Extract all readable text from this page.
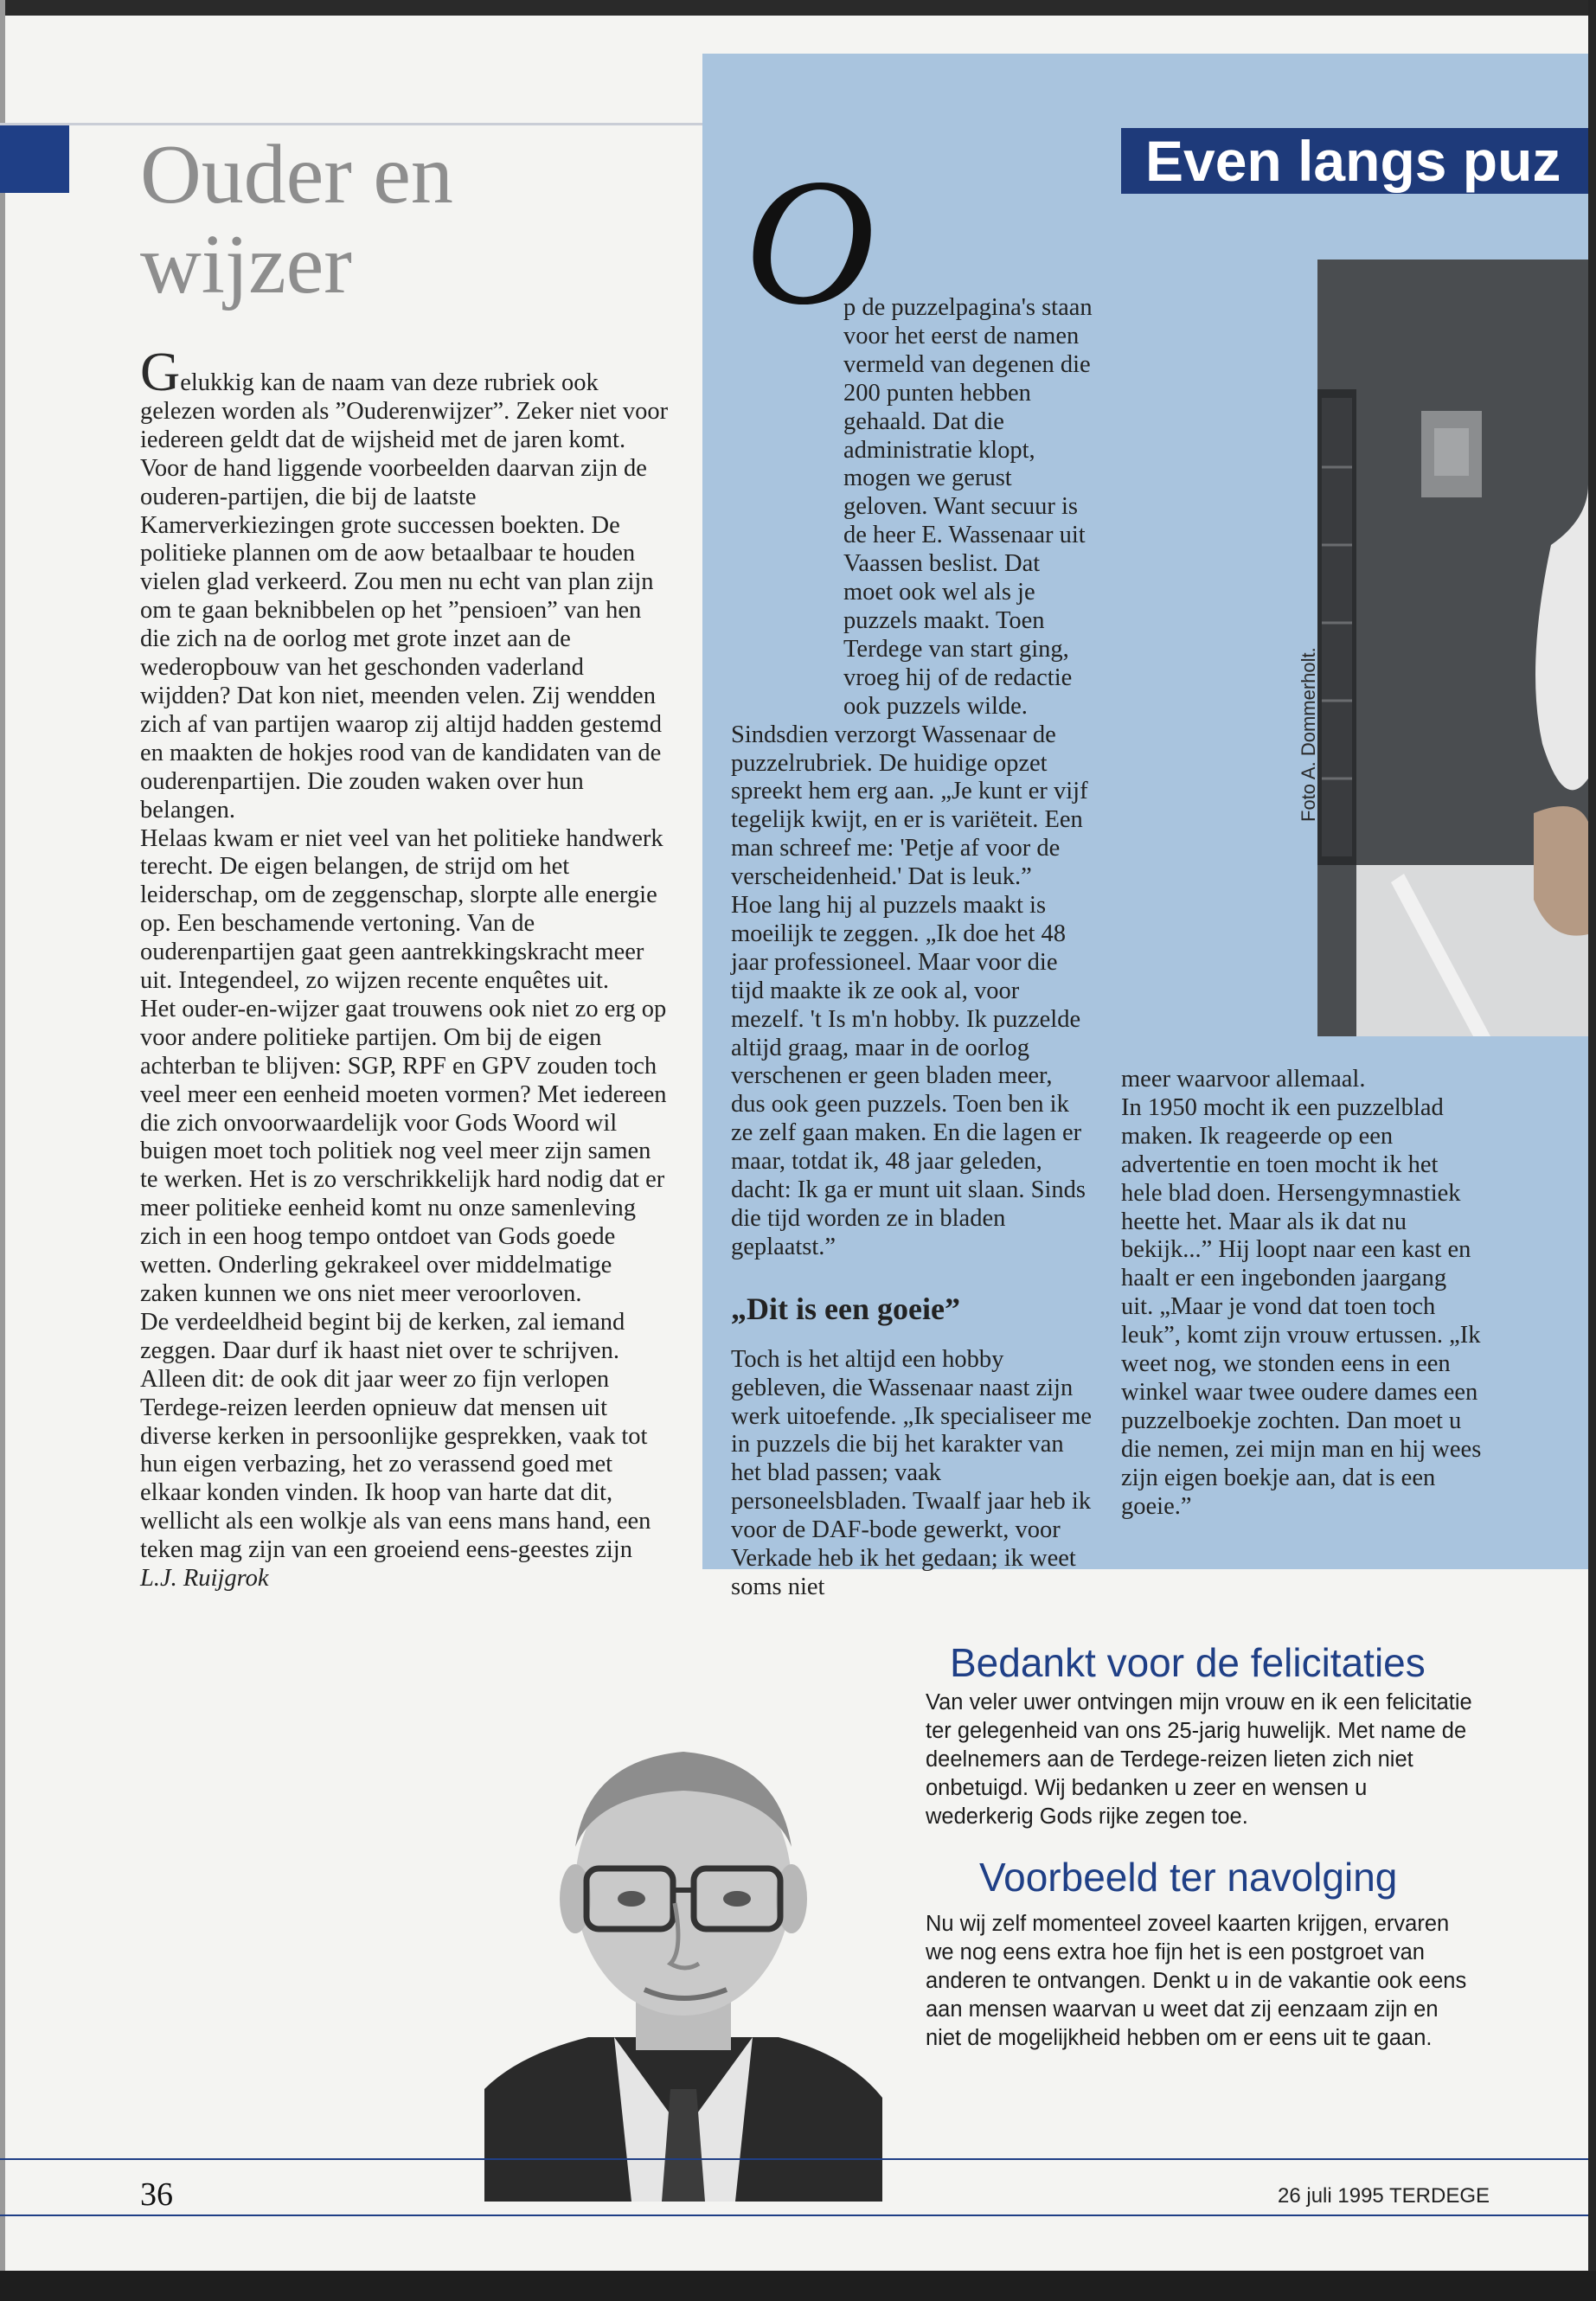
Ouder en
wijzer

Gelukkig kan de naam van deze rubriek ook gelezen worden als ”Ouderenwijzer”. Zeker niet voor iedereen geldt dat de wijsheid met de jaren komt. Voor de hand liggende voorbeelden daarvan zijn de ouderen-partijen, die bij de laatste Kamerverkiezingen grote successen boekten. De politieke plannen om de aow betaalbaar te houden vielen glad verkeerd. Zou men nu echt van plan zijn om te gaan beknibbelen op het ”pensioen” van hen die zich na de oorlog met grote inzet aan de wederopbouw van het geschonden vaderland wijdden? Dat kon niet, meenden velen. Zij wendden zich af van partijen waarop zij altijd hadden gestemd en maakten de hokjes rood van de kandidaten van de ouderenpartijen. Die zouden waken over hun belangen.

Helaas kwam er niet veel van het politieke handwerk terecht. De eigen belangen, de strijd om het leiderschap, om de zeggenschap, slorpte alle energie op. Een beschamende vertoning. Van de ouderenpartijen gaat geen aantrekkingskracht meer uit. Integendeel, zo wijzen recente enquêtes uit.

Het ouder-en-wijzer gaat trouwens ook niet zo erg op voor andere politieke partijen. Om bij de eigen achterban te blijven: SGP, RPF en GPV zouden toch veel meer een eenheid moeten vormen? Met iedereen die zich onvoorwaardelijk voor Gods Woord wil buigen moet toch politiek nog veel meer zijn samen te werken. Het is zo verschrikkelijk hard nodig dat er meer politieke eenheid komt nu onze samenleving zich in een hoog tempo ontdoet van Gods goede wetten. Onderling gekrakeel over middelmatige zaken kunnen we ons niet meer veroorloven.

De verdeeldheid begint bij de kerken, zal iemand zeggen. Daar durf ik haast niet over te schrijven. Alleen dit: de ook dit jaar weer zo fijn verlopen Terdege-reizen leerden opnieuw dat mensen uit diverse kerken in persoonlijke gesprekken, vaak tot hun eigen verbazing, het zo verassend goed met elkaar konden vinden. Ik hoop van harte dat dit, wellicht als een wolkje als van eens mans hand, een teken mag zijn van een groeiend eens-geestes zijn

L.J. Ruijgrok

Even langs puz
O

p de puzzelpagina's staan voor het eerst de namen vermeld van degenen die 200 punten hebben gehaald. Dat die administratie klopt, mogen we gerust geloven. Want secuur is de heer E. Wassenaar uit Vaassen beslist. Dat moet ook wel als je puzzels maakt. Toen Terdege van start ging, vroeg hij of de redactie ook puzzels wilde.

Sindsdien verzorgt Wassenaar de puzzelrubriek. De huidige opzet spreekt hem erg aan. „Je kunt er vijf tegelijk kwijt, en er is variëteit. Een man schreef me: 'Petje af voor de verscheidenheid.' Dat is leuk.”

Hoe lang hij al puzzels maakt is moeilijk te zeggen. „Ik doe het 48 jaar professioneel. Maar voor die tijd maakte ik ze ook al, voor mezelf. 't Is m'n hobby. Ik puzzelde altijd graag, maar in de oorlog verschenen er geen bladen meer, dus ook geen puzzels. Toen ben ik ze zelf gaan maken. En die lagen er maar, totdat ik, 48 jaar geleden, dacht: Ik ga er munt uit slaan. Sinds die tijd worden ze in bladen geplaatst.”

„Dit is een goeie”

Toch is het altijd een hobby gebleven, die Wassenaar naast zijn werk uitoefende. „Ik specialiseer me in puzzels die bij het karakter van het blad passen; vaak personeelsbladen. Twaalf jaar heb ik voor de DAF-bode gewerkt, voor Verkade heb ik het gedaan; ik weet soms niet

meer waarvoor allemaal.

In 1950 mocht ik een puzzelblad maken. Ik reageerde op een advertentie en toen mocht ik het hele blad doen. Hersengymnastiek heette het. Maar als ik dat nu bekijk...” Hij loopt naar een kast en haalt er een ingebonden jaargang uit. „Maar je vond dat toen toch leuk”, komt zijn vrouw ertussen. „Ik weet nog, we stonden eens in een winkel waar twee oudere dames een puzzelboekje zochten. Dan moet u die nemen, zei mijn man en hij wees zijn eigen boekje aan, dat is een goeie.”

Foto A. Dommerholt.
Bedankt voor de felicitaties
Van veler uwer ontvingen mijn vrouw en ik een felicitatie ter gelegenheid van ons 25-jarig huwelijk. Met name de deelnemers aan de Terdege-reizen lieten zich niet onbetuigd. Wij bedanken u zeer en wensen u wederkerig Gods rijke zegen toe.
Voorbeeld ter navolging
Nu wij zelf momenteel zoveel kaarten krijgen, ervaren we nog eens extra hoe fijn het is een postgroet van anderen te ontvangen. Denkt u in de vakantie ook eens aan mensen waarvan u weet dat zij eenzaam zijn en niet de mogelijkheid hebben om er eens uit te gaan.
36	26 juli 1995 TERDEGE
